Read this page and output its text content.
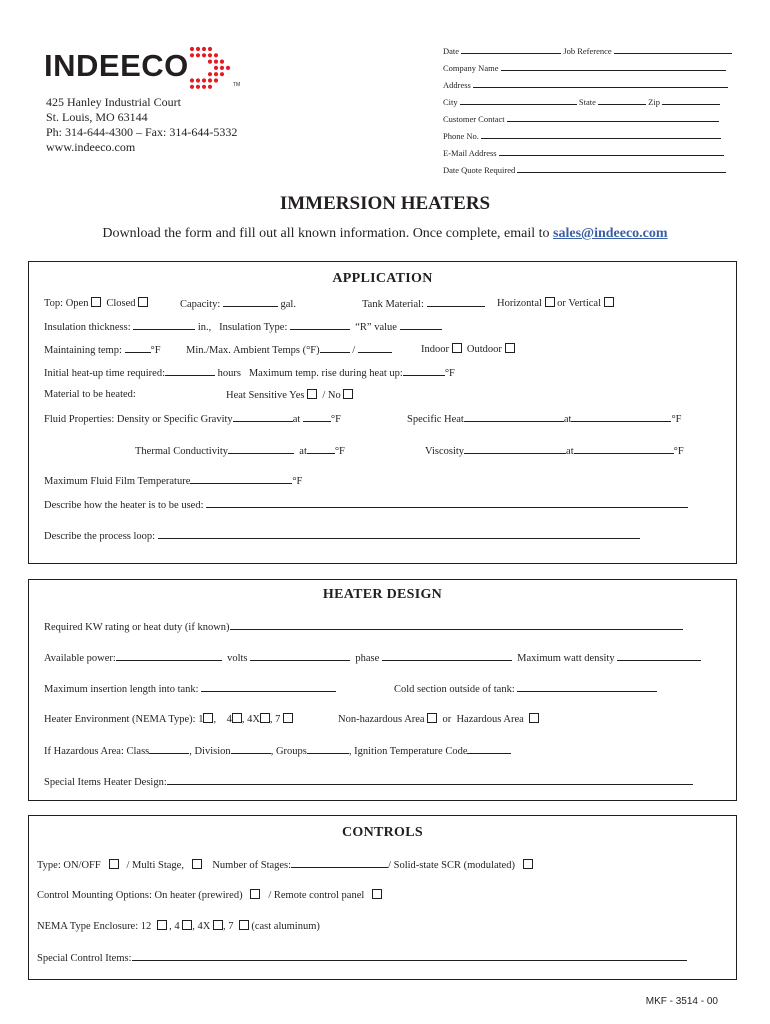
INDEECO
TM
425 Hanley Industrial Court
St. Louis, MO 63144
Ph: 314-644-4300 – Fax: 314-644-5332
www.indeeco.com
Date	Job Reference
Company Name
Address
City	State	Zip
Customer Contact
Phone No.
E-Mail Address
Date Quote Required
IMMERSION HEATERS
Download the form and fill out all known information. Once complete, email to sales@indeeco.com
APPLICATION
Top: Open Closed	Capacity:	gal.	Tank Material:	Horizontal or Vertical
Insulation thickness:	in., Insulation Type:	“R” value
Maintaining temp:	°F Min./Max. Ambient Temps (°F)	/	Indoor Outdoor
Initial heat-up time required:	hours Maximum temp. rise during heat up:	°F
Material to be heated:	Heat Sensitive Yes / No
Fluid Properties: Density or Specific Gravity	at	°F	Specific Heat	at	°F
Thermal Conductivity	at	°F	Viscosity	at	°F
Maximum Fluid Film Temperature	°F
Describe how the heater is to be used:
Describe the process loop:
HEATER DESIGN
Required KW rating or heat duty (if known)
Available power:	volts	phase	Maximum watt density
Maximum insertion length into tank:	Cold section outside of tank:
Heater Environment (NEMA Type): 1 ,    4 , 4X , 7	Non-hazardous Area or Hazardous Area
If Hazardous Area: Class	, Division	, Groups	, Ignition Temperature Code
Special Items Heater Design:
CONTROLS
Type: ON/OFF / Multi Stage,	Number of Stages:	/ Solid-state SCR (modulated)
Control Mounting Options: On heater (prewired) / Remote control panel
NEMA Type Enclosure: 12 , 4 , 4X , 7 (cast aluminum)
Special Control Items:
MKF - 3514 - 00
